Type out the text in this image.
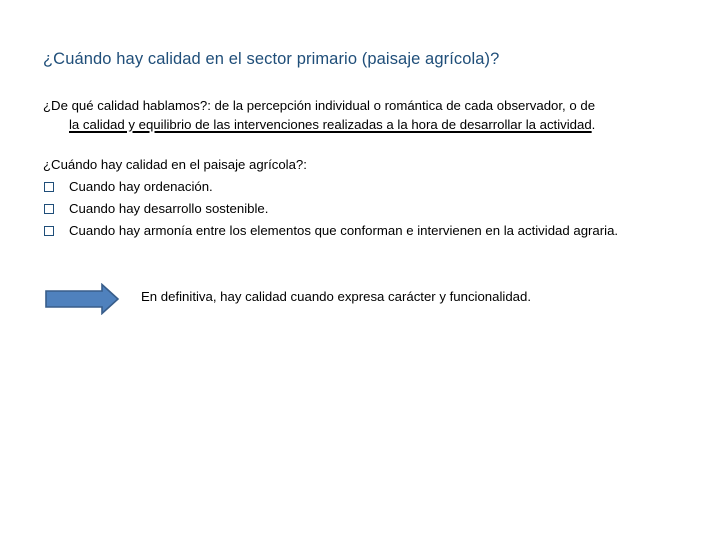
¿Cuándo hay calidad en el sector primario (paisaje agrícola)?
¿De qué calidad hablamos?: de la percepción individual o romántica de cada observador, o de
la calidad y equilibrio de las intervenciones realizadas a la hora de desarrollar la actividad.
¿Cuándo hay calidad en el paisaje agrícola?:
Cuando hay ordenación.
Cuando hay desarrollo sostenible.
Cuando hay armonía entre los elementos que conforman e intervienen en la actividad agraria.
En definitiva, hay calidad cuando expresa carácter y funcionalidad.
